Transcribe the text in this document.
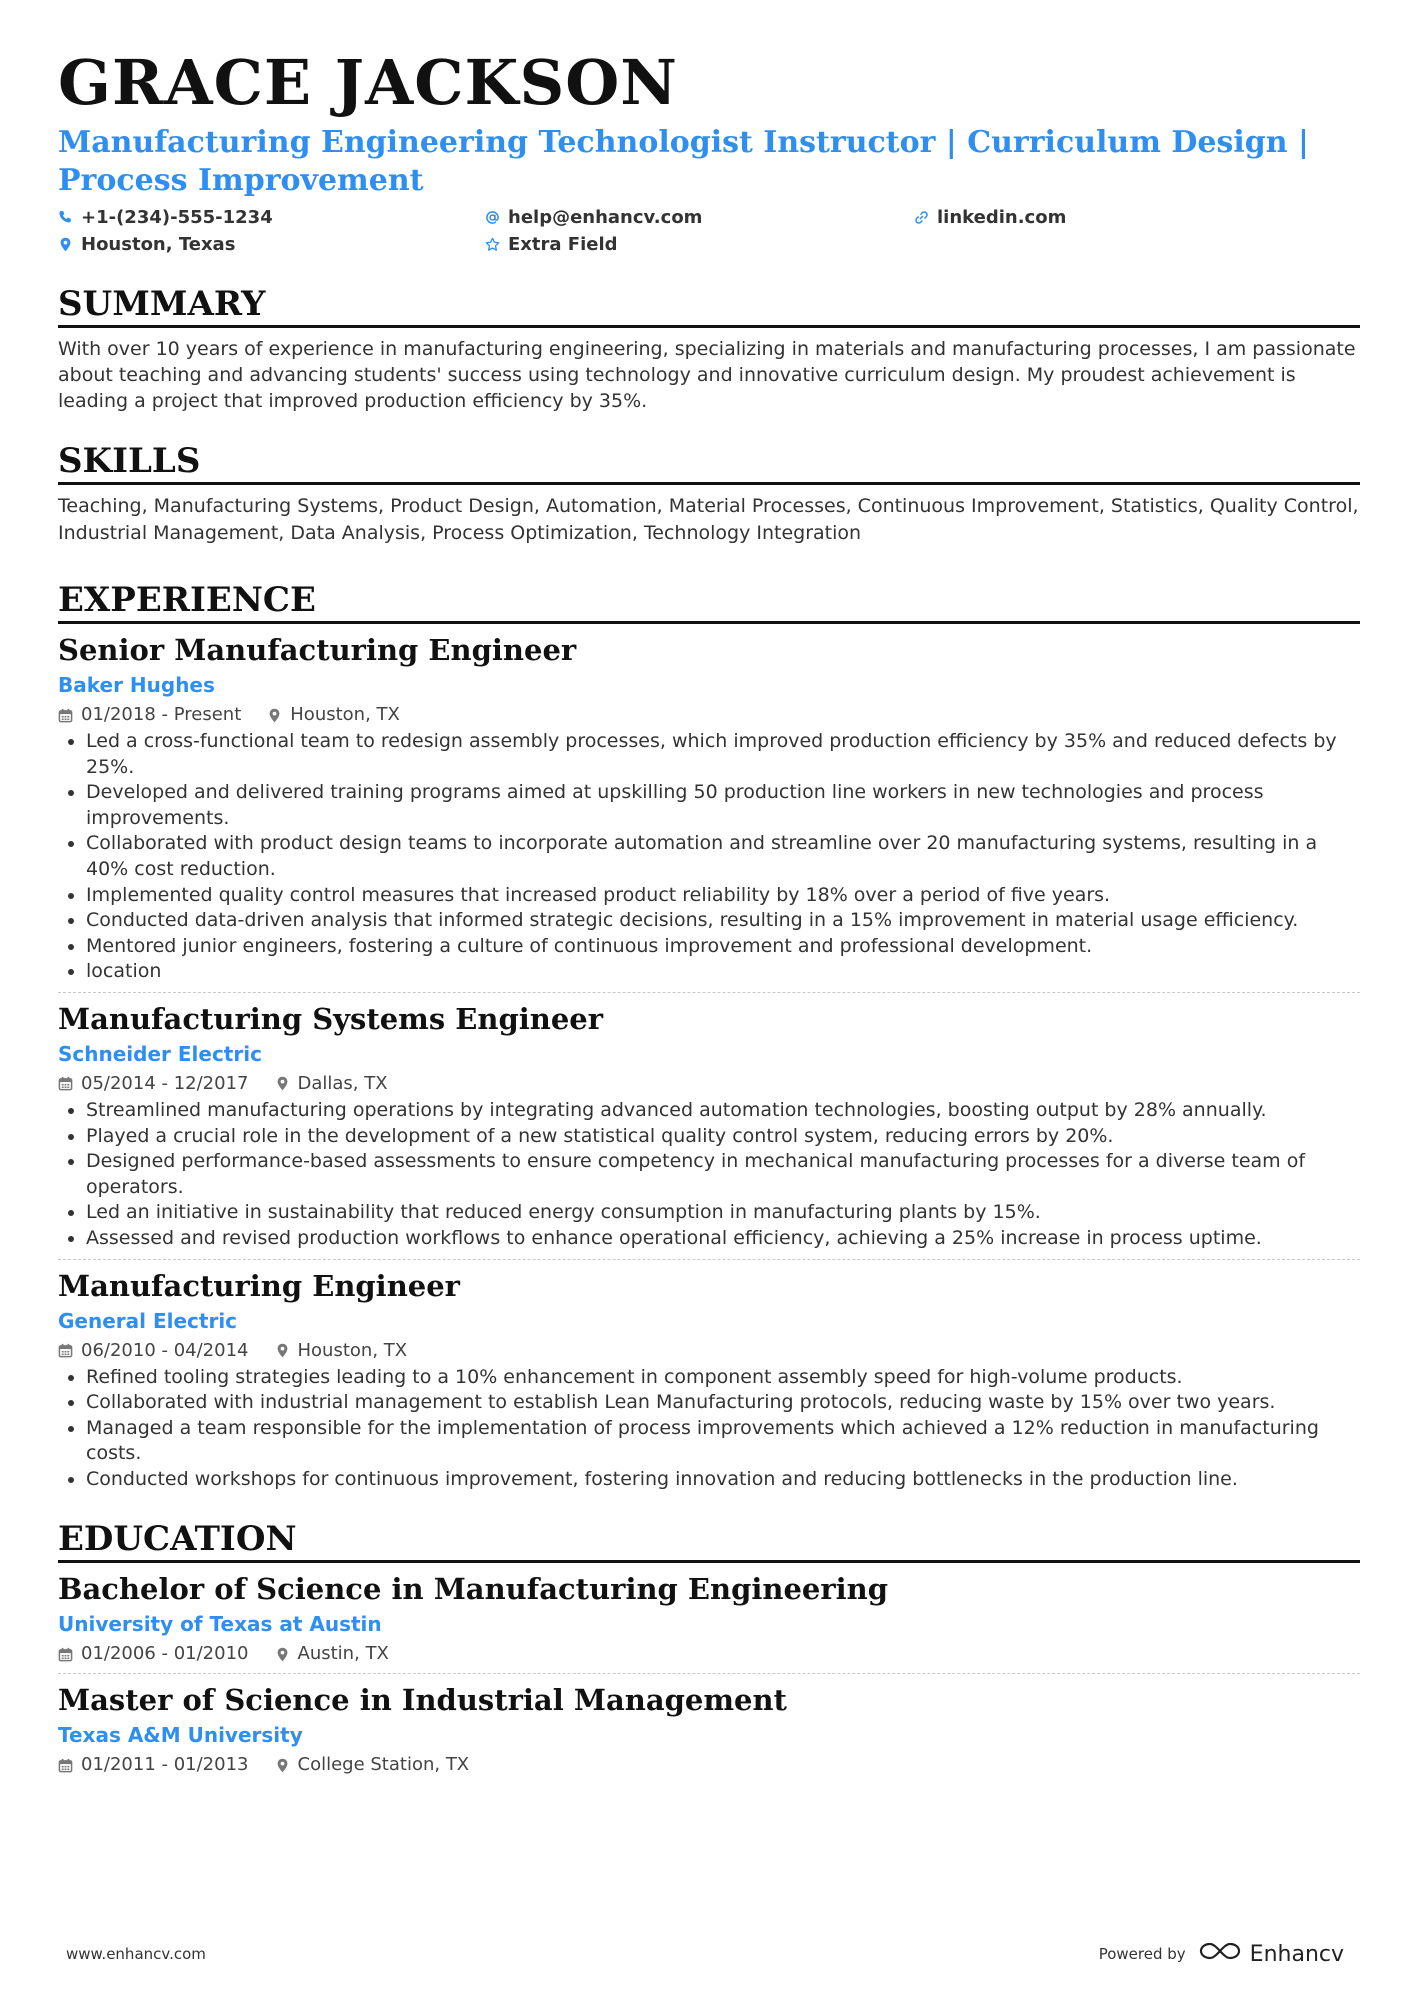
GRACE JACKSON

Manufacturing Engineering Technologist Instructor | Curriculum Design | Process Improvement

+1-(234)-555-1234	help@enhancv.com	linkedin.com
Houston, Texas	Extra Field
SUMMARY

With over 10 years of experience in manufacturing engineering, specializing in materials and manufacturing processes, I am passionate about teaching and advancing students' success using technology and innovative curriculum design. My proudest achievement is leading a project that improved production efficiency by 35%.

SKILLS

Teaching, Manufacturing Systems, Product Design, Automation, Material Processes, Continuous Improvement, Statistics, Quality Control, Industrial Management, Data Analysis, Process Optimization, Technology Integration

EXPERIENCE
Senior Manufacturing Engineer
Baker Hughes
01/2018 - Present	Houston, TX
• Led a cross-functional team to redesign assembly processes, which improved production efficiency by 35% and reduced defects by 25%.
• Developed and delivered training programs aimed at upskilling 50 production line workers in new technologies and process improvements.
• Collaborated with product design teams to incorporate automation and streamline over 20 manufacturing systems, resulting in a 40% cost reduction.
• Implemented quality control measures that increased product reliability by 18% over a period of five years.
• Conducted data-driven analysis that informed strategic decisions, resulting in a 15% improvement in material usage efficiency.
• Mentored junior engineers, fostering a culture of continuous improvement and professional development.
• location
Manufacturing Systems Engineer
Schneider Electric
05/2014 - 12/2017	Dallas, TX
• Streamlined manufacturing operations by integrating advanced automation technologies, boosting output by 28% annually.
• Played a crucial role in the development of a new statistical quality control system, reducing errors by 20%.
• Designed performance-based assessments to ensure competency in mechanical manufacturing processes for a diverse team of operators.
• Led an initiative in sustainability that reduced energy consumption in manufacturing plants by 15%.
• Assessed and revised production workflows to enhance operational efficiency, achieving a 25% increase in process uptime.
Manufacturing Engineer
General Electric
06/2010 - 04/2014	Houston, TX
• Refined tooling strategies leading to a 10% enhancement in component assembly speed for high-volume products.
• Collaborated with industrial management to establish Lean Manufacturing protocols, reducing waste by 15% over two years.
• Managed a team responsible for the implementation of process improvements which achieved a 12% reduction in manufacturing costs.
• Conducted workshops for continuous improvement, fostering innovation and reducing bottlenecks in the production line.
EDUCATION
Bachelor of Science in Manufacturing Engineering
University of Texas at Austin
01/2006 - 01/2010	Austin, TX
Master of Science in Industrial Management
Texas A&M University
01/2011 - 01/2013	College Station, TX
www.enhancv.com	Powered by	Enhancv
